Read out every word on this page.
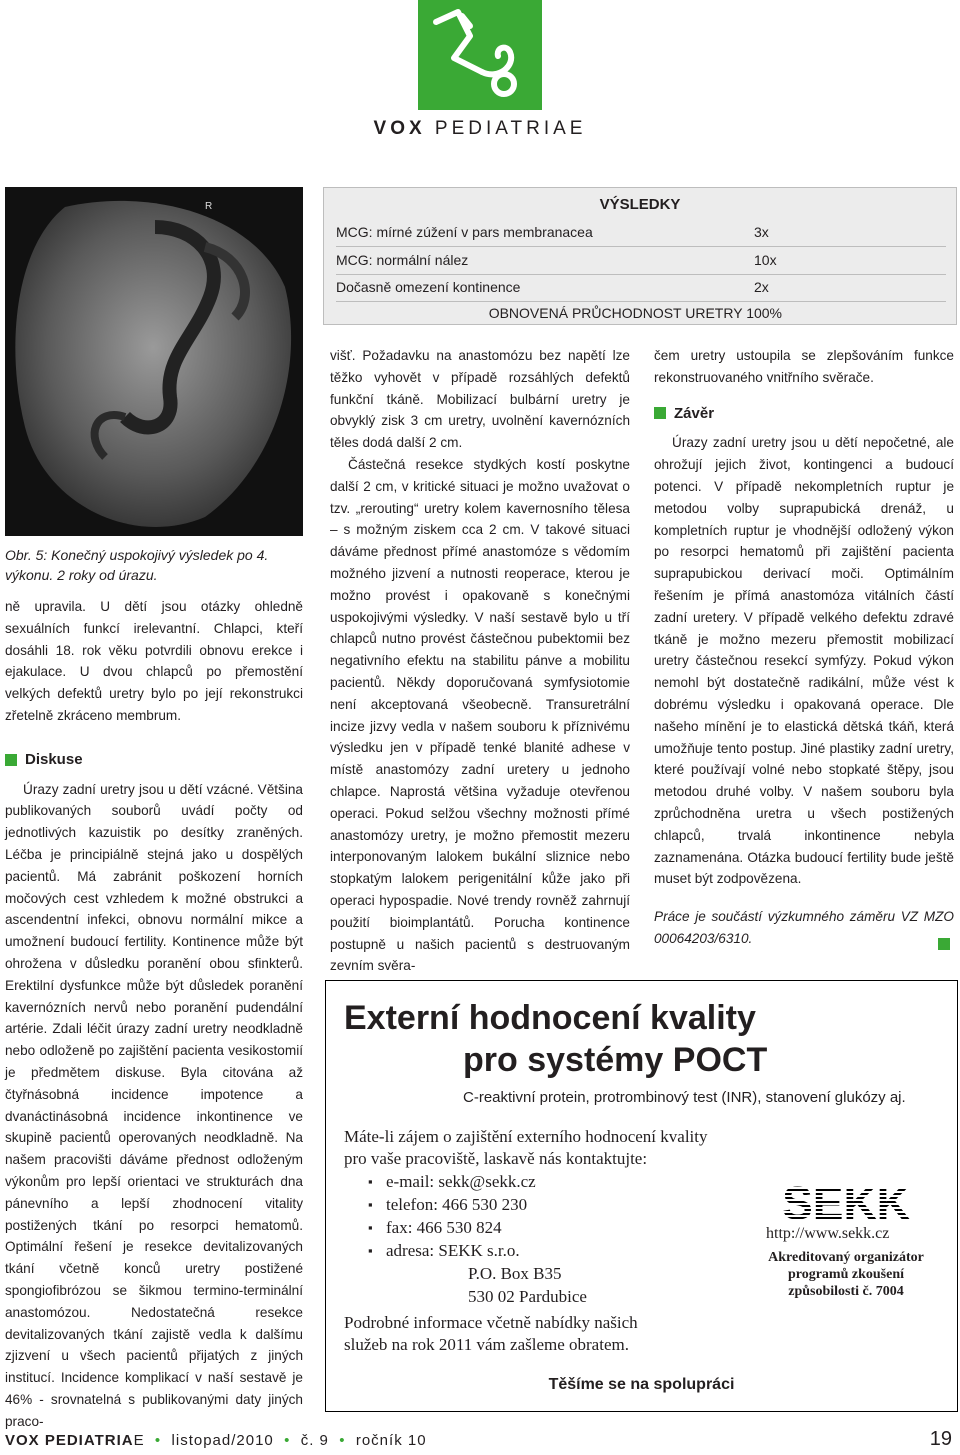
VOX PEDIATRIAE
R
Obr. 5: Konečný uspokojivý výsledek po 4. výkonu. 2 roky od úrazu.
VÝSLEDKY
MCG: mírné zúžení v pars membranacea	3x
MCG: normální nález	10x
Dočasně omezení kontinence	2x
OBNOVENÁ PRŮCHODNOST URETRY 100%

ně upravila. U dětí jsou otázky ohledně sexuálních funkcí irelevantní. Chlapci, kteří dosáhli 18. rok věku potvrdili obnovu erekce i ejakulace. U dvou chlapců po přemostění velkých defektů uretry bylo po její rekonstrukci zřetelně zkráceno membrum.

Diskuse

Úrazy zadní uretry jsou u dětí vzácné. Většina publikovaných souborů uvádí počty od jednotlivých kazuistik po desítky zraněných. Léčba je principiálně stejná jako u dospělých pacientů. Má zabránit poškození horních močových cest vzhledem k možné obstrukci a ascendentní infekci, obnovu normální mikce a umožnení budoucí fertility. Kontinence může být ohrožena v důsledku poranění obou sfinkterů. Erektilní dysfunkce může být důsledek poranění kavernózních nervů nebo poranění pudendální artérie. Zdali léčit úrazy zadní uretry neodkladně nebo odloženě po zajištění pacienta vesikostomií je předmětem diskuse. Byla citována až čtyřnásobná incidence impotence a dvanáctinásobná incidence inkontinence ve skupině pacientů operovaných neodkladně. Na našem pracovišti dáváme přednost odloženým výkonům pro lepší orientaci ve strukturách dna pánevního a lepší zhodnocení vitality postižených tkání po resorpci hematomů. Optimální řešení je resekce devitalizovaných tkání včetně konců uretry postižené spongiofibrózou se šikmou termino-terminální anastomózou. Nedostatečná resekce devitalizovaných tkání zajistě vedla k dalšímu zjizvení u všech pacientů přijatých z jiných institucí. Incidence komplikací v naší sestavě je 46% - srovnatelná s publikovanými daty jiných praco-

višť. Požadavku na anastomózu bez napětí lze těžko vyhovět v případě rozsáhlých defektů funkční tkáně. Mobilizací bulbární uretry je obvyklý zisk 3 cm uretry, uvolnění kavernózních těles dodá další 2 cm.

Částečná resekce stydkých kostí poskytne další 2 cm, v kritické situaci je možno uvažovat o tzv. „rerouting“ uretry kolem kavernosního tělesa – s možným ziskem cca 2 cm. V takové situaci dáváme přednost přímé anastomóze s vědomím možného jizvení a nutnosti reoperace, kterou je možno provést i opakovaně s konečnými uspokojivými výsledky. V naší sestavě bylo u tří chlapců nutno provést částečnou pubektomii bez negativního efektu na stabilitu pánve a mobilitu pacientů. Někdy doporučovaná symfysiotomie není akceptovaná všeobecně. Transuretrální incize jizvy vedla v našem souboru k příznivému výsledku jen v případě tenké blanité adhese v místě anastomózy zadní uretery u jednoho chlapce. Naprostá většina vyžaduje otevřenou operaci. Pokud selžou všechny možnosti přímé anastomózy uretry, je možno přemostit mezeru interponovaným lalokem bukální sliznice nebo stopkatým lalokem perigenitální kůže jako při operaci hypospadie. Nové trendy rovněž zahrnují použití bioimplantátů. Porucha kontinence postupně u našich pacientů s destruovaným zevním svěra-

čem uretry ustoupila se zlepšováním funkce rekonstruovaného vnitřního svěrače.

Závěr

Úrazy zadní uretry jsou u dětí nepočetné, ale ohrožují jejich život, kontingenci a budoucí potenci. V případě nekompletních ruptur je metodou volby suprapubická drenáž, u kompletních ruptur je vhodnější odložený výkon po resorpci hematomů při zajištění pacienta suprapubickou derivací moči. Optimálním řešením je přímá anastomóza vitálních částí zadní uretery. V případě velkého defektu zdravé tkáně je možno mezeru přemostit mobilizací uretry částečnou resekcí symfýzy. Pokud výkon nemohl být dostatečně radikální, může vést k dobrému výsledku i opakovaná operace. Dle našeho mínění je to elastická dětská tkáň, která umožňuje tento postup. Jiné plastiky zadní uretry, které používají volné nebo stopkaté štěpy, jsou metodou druhé volby. V našem souboru byla zprůchodněna uretra u všech postižených chlapců, trvalá inkontinence nebyla zaznamenána. Otázka budoucí fertility bude ještě muset být zodpovězena.

Práce je součástí výzkumného záměru VZ MZO 00064203/6310.

Externí hodnocení kvality
pro systémy POCT
C-reaktivní protein, protrombinový test (INR), stanovení glukózy aj.
Máte-li zájem o zajištění externího hodnocení kvality
pro vaše pracoviště, laskavě nás kontaktujte:
▪ e-mail: sekk@sekk.cz
▪ telefon: 466 530 230
▪ fax: 466 530 824
▪ adresa: SEKK s.r.o.
P.O. Box B35
530 02 Pardubice
SEKK
http://www.sekk.cz
Akreditovaný organizátor
programů zkoušení
způsobilosti č. 7004
Podrobné informace včetně nabídky našich
služeb na rok 2011 vám zašleme obratem.
Těšíme se na spolupráci
VOX PEDIATRIAE  •  listopad/2010  •  č. 9  •  ročník 10	19
